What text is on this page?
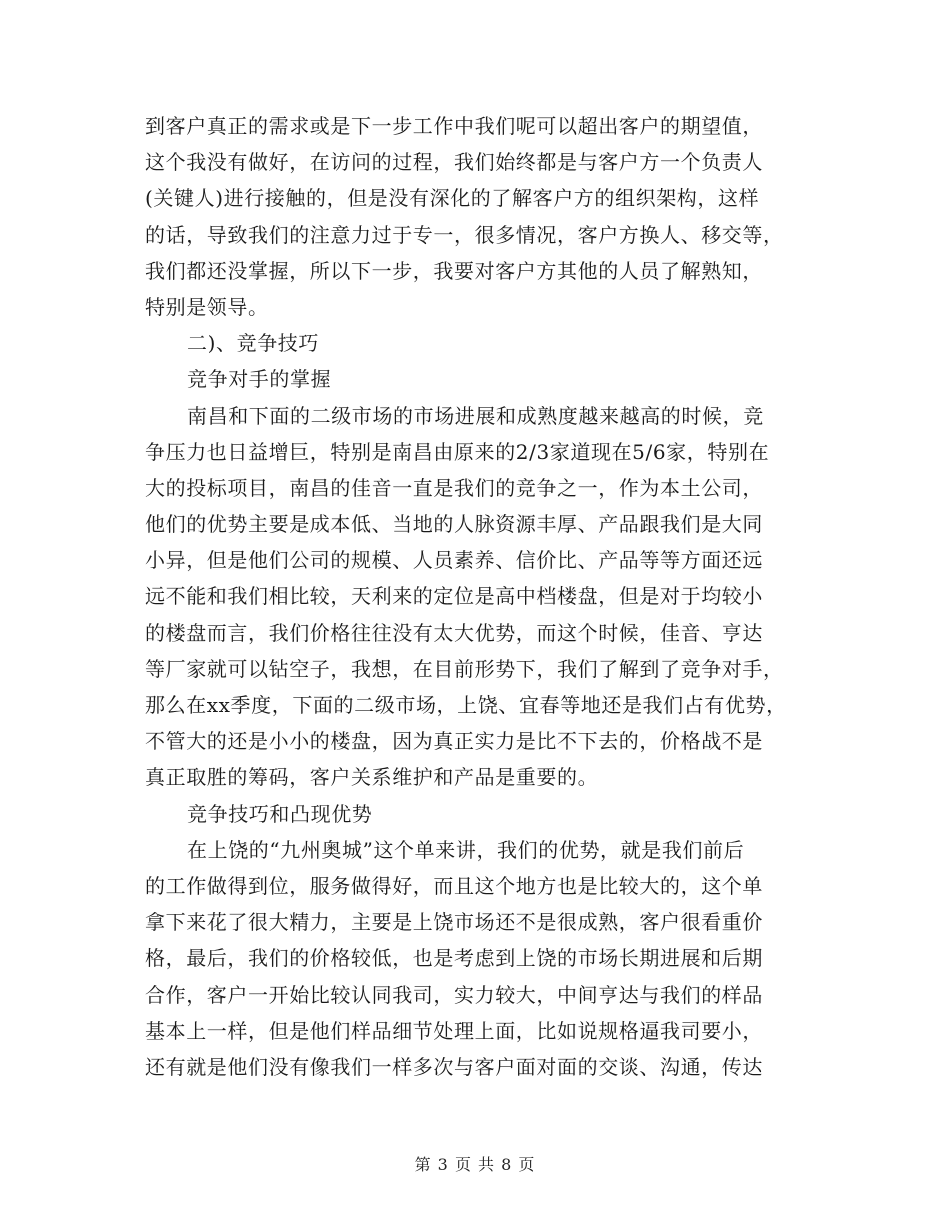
到客户真正的需求或是下一步工作中我们呢可以超出客户的期望值，
这个我没有做好，在访问的过程，我们始终都是与客户方一个负责人
(关键人)进行接触的，但是没有深化的了解客户方的组织架构，这样
的话，导致我们的注意力过于专一，很多情况，客户方换人、移交等，
我们都还没掌握，所以下一步，我要对客户方其他的人员了解熟知，
特别是领导。
二)、竞争技巧
竞争对手的掌握
南昌和下面的二级市场的市场进展和成熟度越来越高的时候，竞
争压力也日益增巨，特别是南昌由原来的2/3家道现在5/6家，特别在
大的投标项目，南昌的佳音一直是我们的竞争之一，作为本土公司，
他们的优势主要是成本低、当地的人脉资源丰厚、产品跟我们是大同
小异，但是他们公司的规模、人员素养、信价比、产品等等方面还远
远不能和我们相比较，天利来的定位是高中档楼盘，但是对于均较小
的楼盘而言，我们价格往往没有太大优势，而这个时候，佳音、亨达
等厂家就可以钻空子，我想，在目前形势下，我们了解到了竞争对手，
那么在xx季度，下面的二级市场，上饶、宜春等地还是我们占有优势，
不管大的还是小小的楼盘，因为真正实力是比不下去的，价格战不是
真正取胜的筹码，客户关系维护和产品是重要的。
竞争技巧和凸现优势
在上饶的“九州奥城”这个单来讲，我们的优势，就是我们前后
的工作做得到位，服务做得好，而且这个地方也是比较大的，这个单
拿下来花了很大精力，主要是上饶市场还不是很成熟，客户很看重价
格，最后，我们的价格较低，也是考虑到上饶的市场长期进展和后期
合作，客户一开始比较认同我司，实力较大，中间亨达与我们的样品
基本上一样，但是他们样品细节处理上面，比如说规格逼我司要小，
还有就是他们没有像我们一样多次与客户面对面的交谈、沟通，传达
第 3 页 共 8 页
